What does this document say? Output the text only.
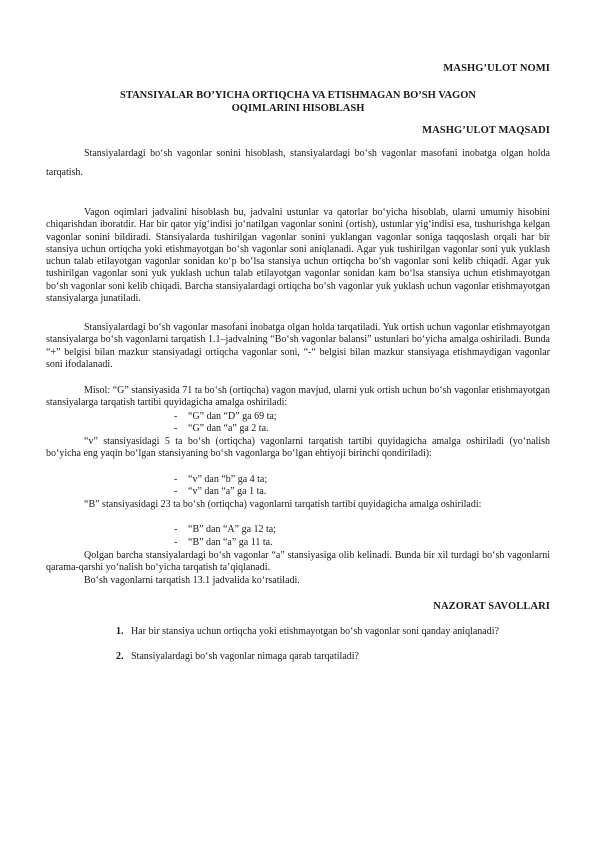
MASHG’ULOT NOMI
STANSIYALAR BO’YICHA ORTIQCHA VA ETISHMAGAN BO’SH VAGON
OQIMLARINI HISOBLASH
MASHG’ULOT MAQSADI

Stansiyalardagi bo‘sh vagonlar sonini hisoblash, stansiyalardagi bo‘sh vagonlar masofani inobatga olgan holda tarqatish.

Vagon oqimlari jadvalini hisoblash bu, jadvalni ustunlar va qatorlar bo‘yicha hisoblab, ularni umumiy hisobini chiqarishdan iboratdir. Har bir qator yig‘indisi jo‘natilgan vagonlar sonini (ortish), ustunlar yig‘indisi esa, tushurishga kelgan vagonlar sonini bildiradi. Stansiyalarda tushirilgan vagonlar sonini yuklangan vagonlar soniga taqqoslash orqali har bir stansiya uchun ortiqcha yoki etishmayotgan bo‘sh vagonlar soni aniqlanadi. Agar yuk tushirilgan vagonlar soni yuk yuklash uchun talab etilayotgan vagonlar sonidan ko‘p bo‘lsa stansiya uchun ortiqcha bo‘sh vagonlar soni kelib chiqadi. Agar yuk tushirilgan vagonlar soni yuk yuklash uchun talab etilayotgan vagonlar sonidan kam bo‘lsa stansiya uchun etishmayotgan bo‘sh vagonlar soni kelib chiqadi. Barcha stansiyalardagi ortiqcha bo‘sh vagonlar yuk yuklash uchun vagonlar etishmayotgan stansiyalarga junatiladi.

Stansiyalardagi bo‘sh vagonlar masofani inobatga olgan holda tarqatiladi. Yuk ortish uchun vagonlar etishmayotgan stansiyalarga bo‘sh vagonlarni tarqatish 1.1–jadvalning “Bo‘sh vagonlar balansi” ustunlari bo‘yicha amalga oshiriladi. Bunda “+” belgisi bilan mazkur stansiyadagi ortiqcha vagonlar soni, “-“ belgisi bilan mazkur stansiyaga etishmaydigan vagonlar soni ifodalanadi.

Misol: “G” stansiyasida 71 ta bo‘sh (ortiqcha) vagon mavjud, ularni yuk ortish uchun bo‘sh vagonlar etishmayotgan stansiyalarga tarqatish tartibi quyidagicha amalga oshiriladi:

- “G” dan “D” ga 69 ta;
- “G” dan “a” ga 2 ta.

“v” stansiyasidagi 5 ta bo‘sh (ortiqcha) vagonlarni tarqatish tartibi quyidagicha amalga oshiriladi (yo‘nalish bo‘yicha eng yaqin bo‘lgan stansiyaning bo‘sh vagonlarga bo‘lgan ehtiyoji birinchi qondiriladi):

- “v” dan “b” ga 4 ta;
- “v” dan “a” ga 1 ta.

“B” stansiyasidagi 23 ta bo‘sh (ortiqcha) vagonlarni tarqatish tartibi quyidagicha amalga oshiriladi:

- “B” dan “A” ga 12 ta;
- “B” dan “a” ga 11 ta.

Qolgan barcha stansiyalardagi bo‘sh vagonlar “a” stansiyasiga olib kelinadi. Bunda bir xil turdagi bo‘sh vagonlarni qarama-qarshi yo‘nalish bo‘yicha tarqatish ta’qiqlanadi.

Bo‘sh vagonlarni tarqatish 13.1 jadvalida ko‘rsatiladi.

NAZORAT SAVOLLARI
1. Har bir stansiya uchun ortiqcha yoki etishmayotgan bo‘sh vagonlar soni qanday aniqlanadi?
2. Stansiyalardagi bo‘sh vagonlar nimaga qarab tarqatiladi?
